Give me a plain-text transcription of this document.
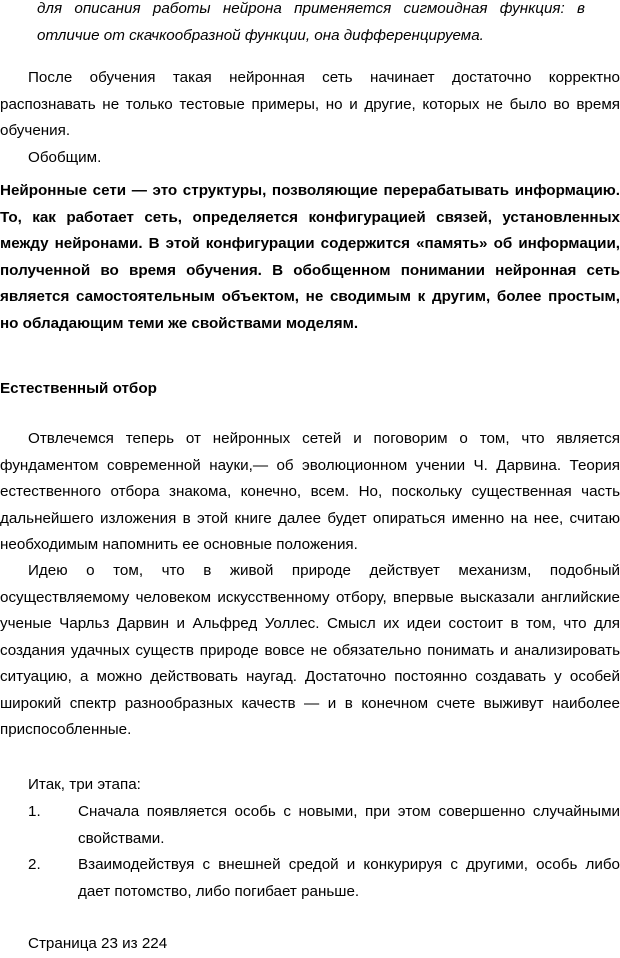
для описания работы нейрона применяется сигмоидная функция: в отличие от скачкообразной функции, она дифференцируема.

После обучения такая нейронная сеть начинает достаточно корректно распознавать не только тестовые примеры, но и другие, которых не было во время обучения.

Обобщим.

Нейронные сети — это структуры, позволяющие перерабатывать информацию. То, как работает сеть, определяется конфигурацией связей, установленных между нейронами. В этой конфигурации содержится «память» об информации, полученной во время обучения. В обобщенном понимании нейронная сеть является самостоятельным объектом, не сводимым к другим, более простым, но обладающим теми же свойствами моделям.

Естественный отбор

Отвлечемся теперь от нейронных сетей и поговорим о том, что является фундаментом современной науки,— об эволюционном учении Ч. Дарвина. Теория естественного отбора знакома, конечно, всем. Но, поскольку существенная часть дальнейшего изложения в этой книге далее будет опираться именно на нее, считаю необходимым напомнить ее основные положения.

Идею о том, что в живой природе действует механизм, подобный осуществляемому человеком искусственному отбору, впервые высказали английские ученые Чарльз Дарвин и Альфред Уоллес. Смысл их идеи состоит в том, что для создания удачных существ природе вовсе не обязательно понимать и анализировать ситуацию, а можно действовать наугад. Достаточно постоянно создавать у особей широкий спектр разнообразных качеств — и в конечном счете выживут наиболее приспособленные.

Итак, три этапа:

1. Сначала появляется особь с новыми, при этом совершенно случайными свойствами.

2. Взаимодействуя с внешней средой и конкурируя с другими, особь либо дает потомство, либо погибает раньше.

Страница 23 из 224
